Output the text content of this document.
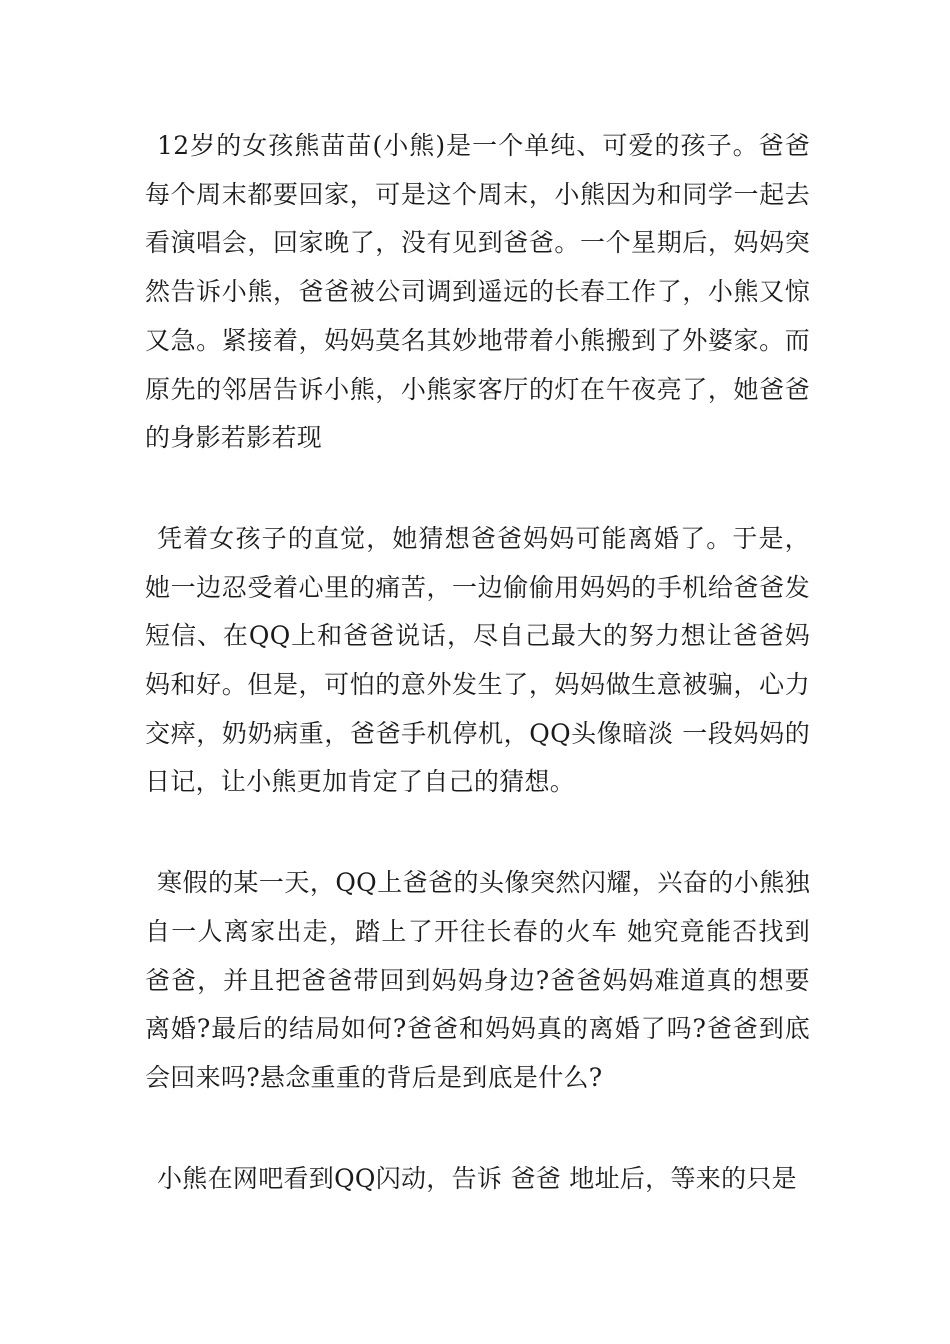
12岁的女孩熊苗苗(小熊)是一个单纯、可爱的孩子。爸爸每个周末都要回家，可是这个周末，小熊因为和同学一起去看演唱会，回家晚了，没有见到爸爸。一个星期后，妈妈突然告诉小熊，爸爸被公司调到遥远的长春工作了，小熊又惊又急。紧接着，妈妈莫名其妙地带着小熊搬到了外婆家。而原先的邻居告诉小熊，小熊家客厅的灯在午夜亮了，她爸爸的身影若影若现

凭着女孩子的直觉，她猜想爸爸妈妈可能离婚了。于是，她一边忍受着心里的痛苦，一边偷偷用妈妈的手机给爸爸发短信、在QQ上和爸爸说话，尽自己最大的努力想让爸爸妈妈和好。但是，可怕的意外发生了，妈妈做生意被骗，心力交瘁，奶奶病重，爸爸手机停机，QQ头像暗淡 一段妈妈的日记，让小熊更加肯定了自己的猜想。

寒假的某一天，QQ上爸爸的头像突然闪耀，兴奋的小熊独自一人离家出走，踏上了开往长春的火车 她究竟能否找到爸爸，并且把爸爸带回到妈妈身边?爸爸妈妈难道真的想要离婚?最后的结局如何?爸爸和妈妈真的离婚了吗?爸爸到底会回来吗?悬念重重的背后是到底是什么?

小熊在网吧看到QQ闪动，告诉 爸爸 地址后，等来的只是
